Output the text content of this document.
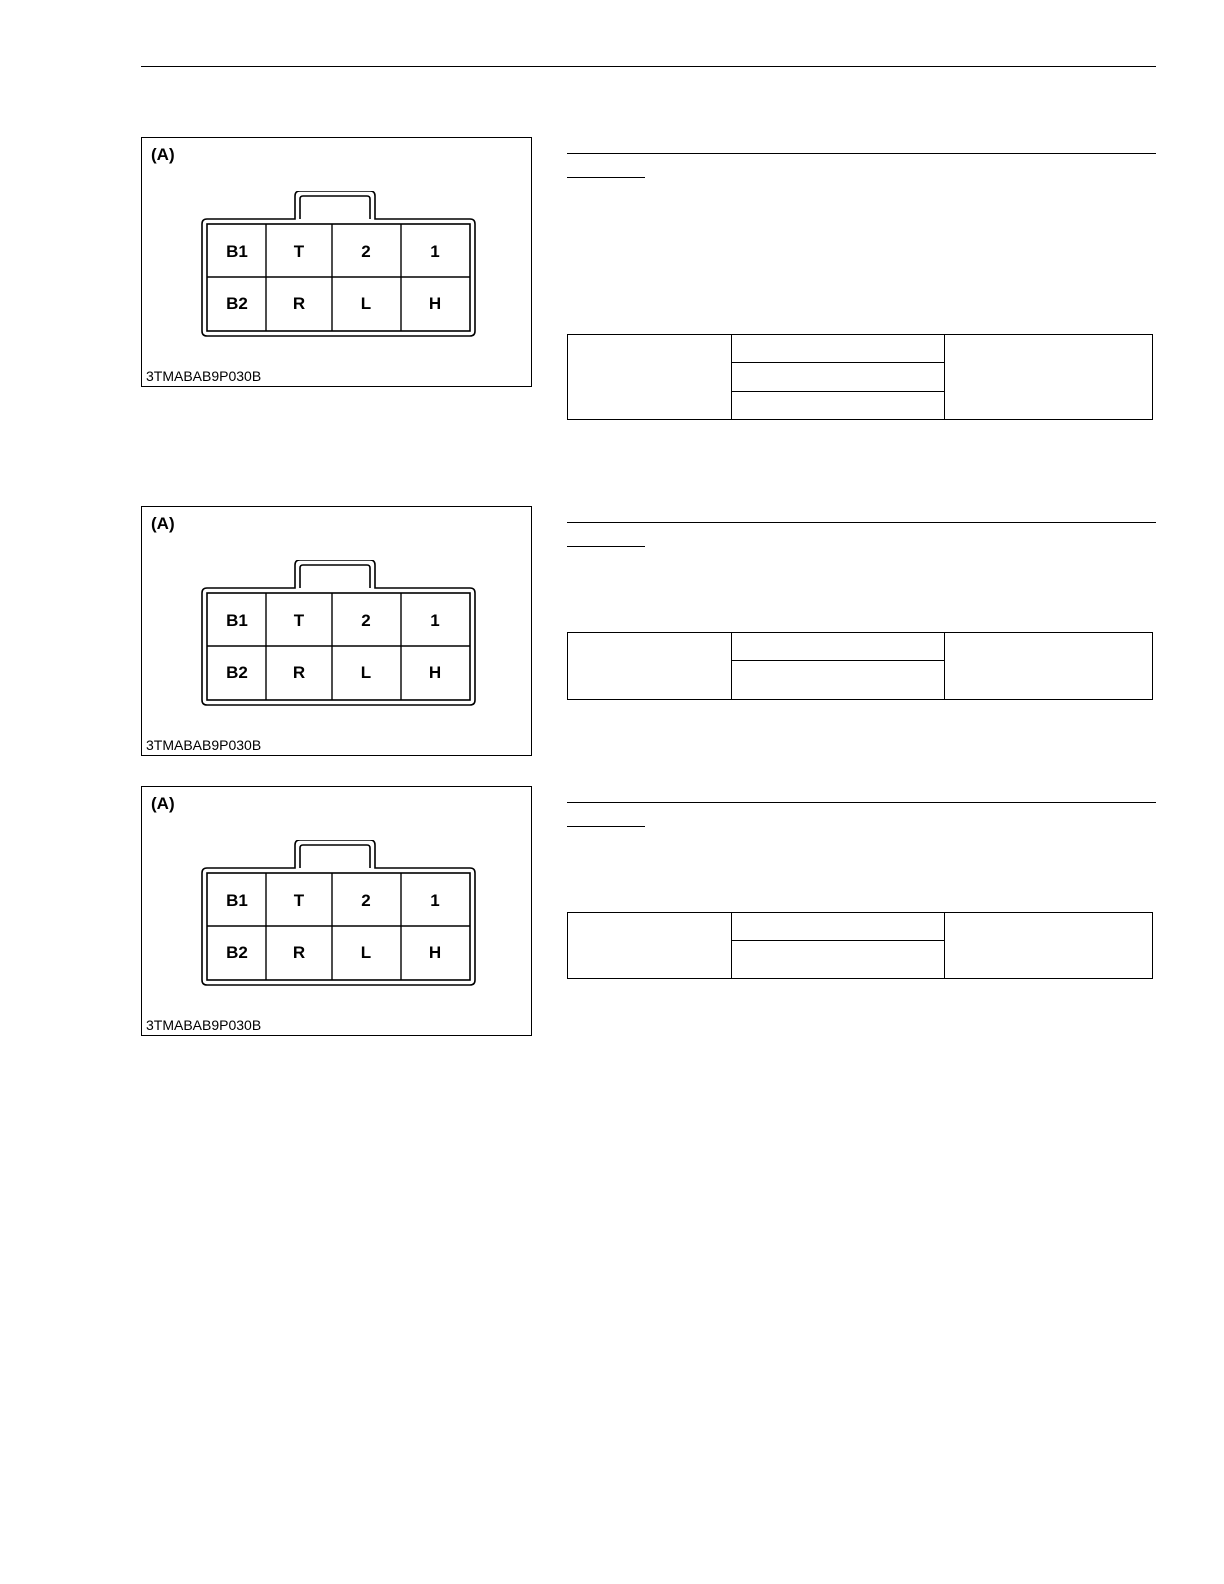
(A)
B1	T	2	1
B2	R	L	H
3TMABAB9P030B

(A)
B1	T	2	1
B2	R	L	H
3TMABAB9P030B

(A)
B1	T	2	1
B2	R	L	H
3TMABAB9P030B
